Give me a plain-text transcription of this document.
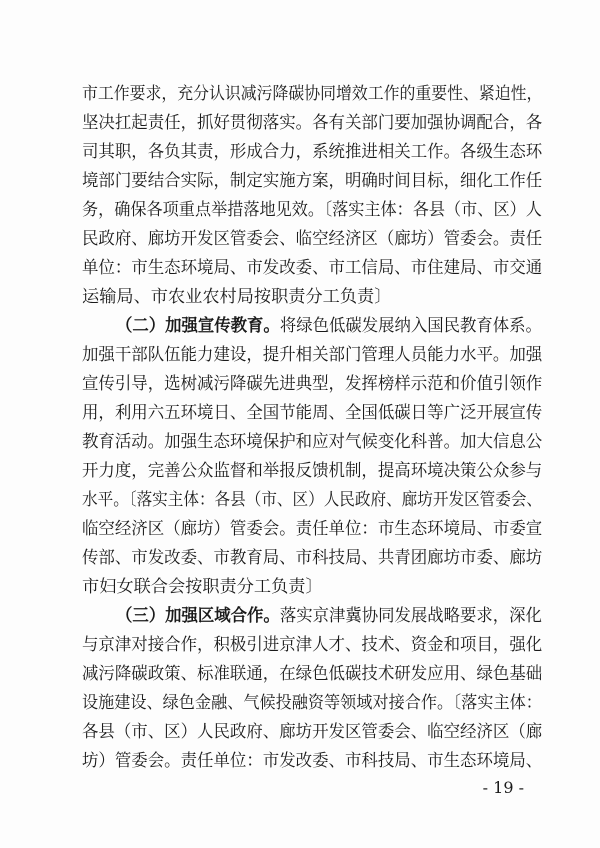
市工作要求，充分认识减污降碳协同增效工作的重要性、紧迫性，
坚决扛起责任，抓好贯彻落实。各有关部门要加强协调配合，各
司其职，各负其责，形成合力，系统推进相关工作。各级生态环
境部门要结合实际，制定实施方案，明确时间目标，细化工作任
务，确保各项重点举措落地见效。〔落实主体：各县（市、区）人
民政府、廊坊开发区管委会、临空经济区（廊坊）管委会。责任
单位：市生态环境局、市发改委、市工信局、市住建局、市交通
运输局、市农业农村局按职责分工负责〕
（二）加强宣传教育。将绿色低碳发展纳入国民教育体系。
加强干部队伍能力建设，提升相关部门管理人员能力水平。加强
宣传引导，选树减污降碳先进典型，发挥榜样示范和价值引领作
用，利用六五环境日、全国节能周、全国低碳日等广泛开展宣传
教育活动。加强生态环境保护和应对气候变化科普。加大信息公
开力度，完善公众监督和举报反馈机制，提高环境决策公众参与
水平。〔落实主体：各县（市、区）人民政府、廊坊开发区管委会、
临空经济区（廊坊）管委会。责任单位：市生态环境局、市委宣
传部、市发改委、市教育局、市科技局、共青团廊坊市委、廊坊
市妇女联合会按职责分工负责〕
（三）加强区域合作。落实京津冀协同发展战略要求，深化
与京津对接合作，积极引进京津人才、技术、资金和项目，强化
减污降碳政策、标准联通，在绿色低碳技术研发应用、绿色基础
设施建设、绿色金融、气候投融资等领域对接合作。〔落实主体：
各县（市、区）人民政府、廊坊开发区管委会、临空经济区（廊
坊）管委会。责任单位：市发改委、市科技局、市生态环境局、
- 19 -
